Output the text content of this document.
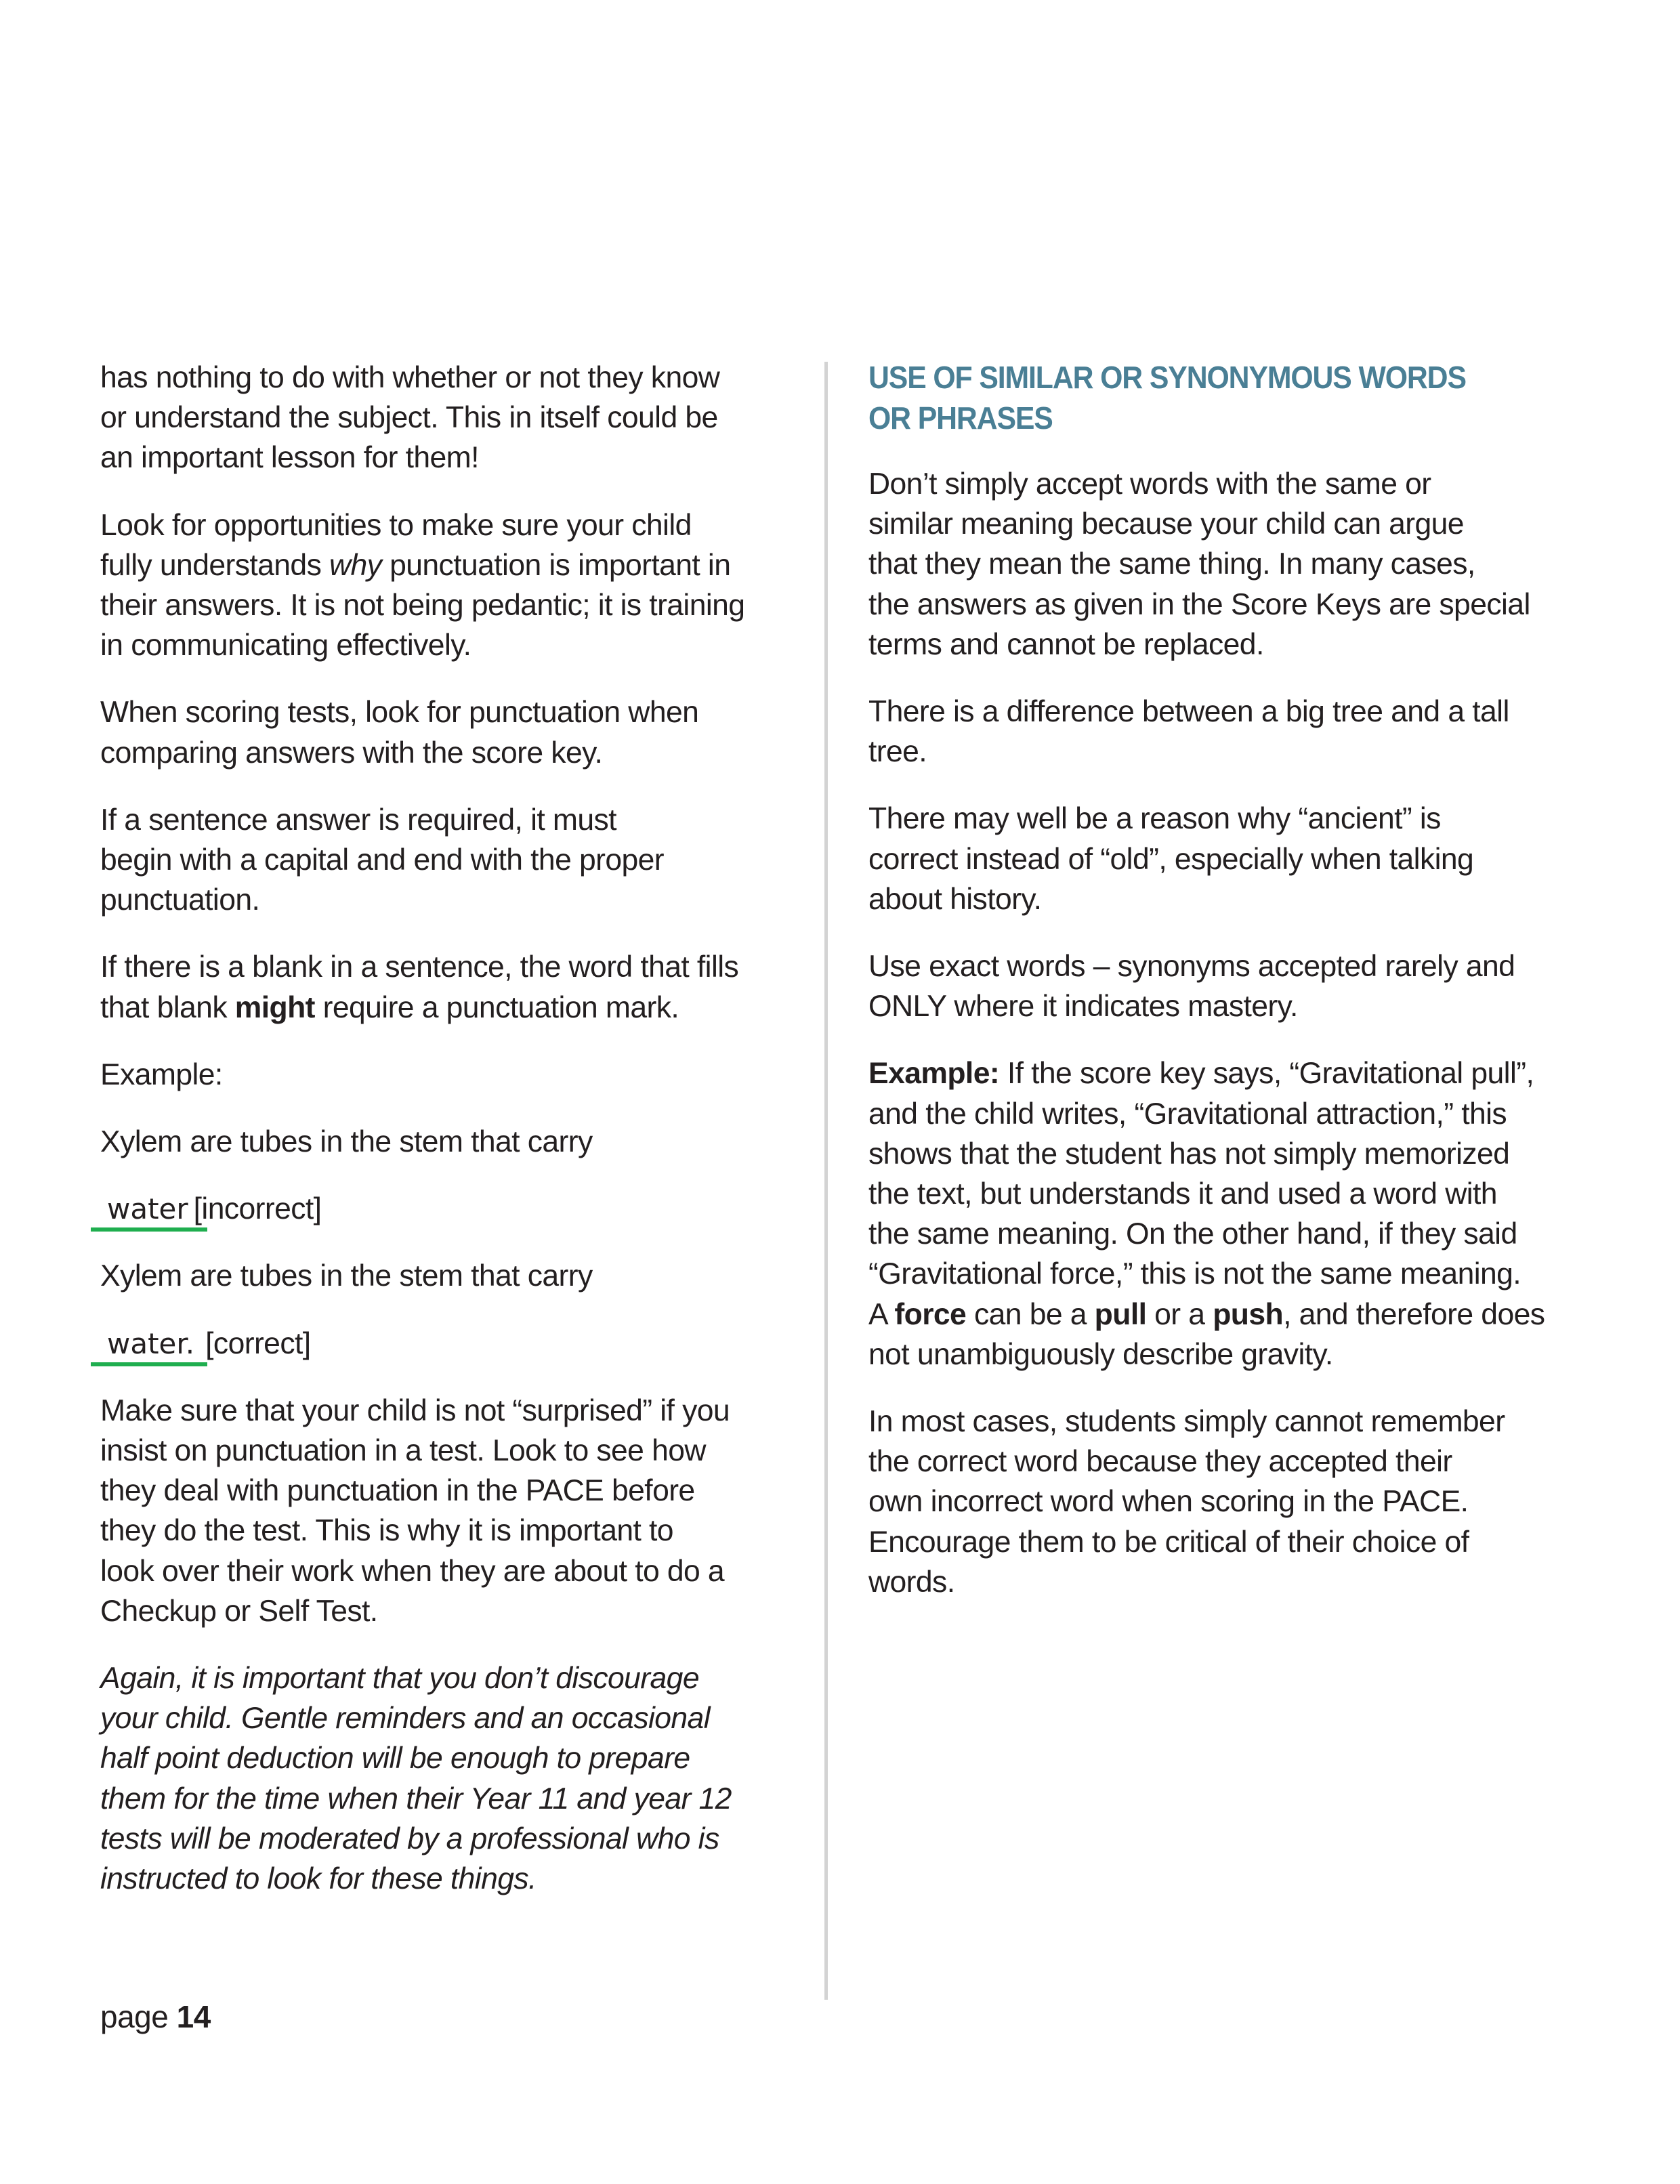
has nothing to do with whether or not they know
or understand the subject. This in itself could be
an important lesson for them!

Look for opportunities to make sure your child
fully understands why punctuation is important in
their answers. It is not being pedantic; it is training
in communicating effectively.

When scoring tests, look for punctuation when
comparing answers with the score key.

If a sentence answer is required, it must
begin with a capital and end with the proper
punctuation.

If there is a blank in a sentence, the word that fills
that blank might require a punctuation mark.

Example:

Xylem are tubes in the stem that carry

water [incorrect]

Xylem are tubes in the stem that carry

water. [correct]

Make sure that your child is not “surprised” if you
insist on punctuation in a test. Look to see how
they deal with punctuation in the PACE before
they do the test. This is why it is important to
look over their work when they are about to do a
Checkup or Self Test.

Again, it is important that you don’t discourage
your child. Gentle reminders and an occasional
half point deduction will be enough to prepare
them for the time when their Year 11 and year 12
tests will be moderated by a professional who is
instructed to look for these things.

USE OF SIMILAR OR SYNONYMOUS WORDS
OR PHRASES

Don’t simply accept words with the same or
similar meaning because your child can argue
that they mean the same thing. In many cases,
the answers as given in the Score Keys are special
terms and cannot be replaced.

There is a difference between a big tree and a tall
tree.

There may well be a reason why “ancient” is
correct instead of “old”, especially when talking
about history.

Use exact words – synonyms accepted rarely and
ONLY where it indicates mastery.

Example: If the score key says, “Gravitational pull”,
and the child writes, “Gravitational attraction,” this
shows that the student has not simply memorized
the text, but understands it and used a word with
the same meaning. On the other hand, if they said
“Gravitational force,” this is not the same meaning.
A force can be a pull or a push, and therefore does
not unambiguously describe gravity.

In most cases, students simply cannot remember
the correct word because they accepted their
own incorrect word when scoring in the PACE.
Encourage them to be critical of their choice of
words.

page 14
